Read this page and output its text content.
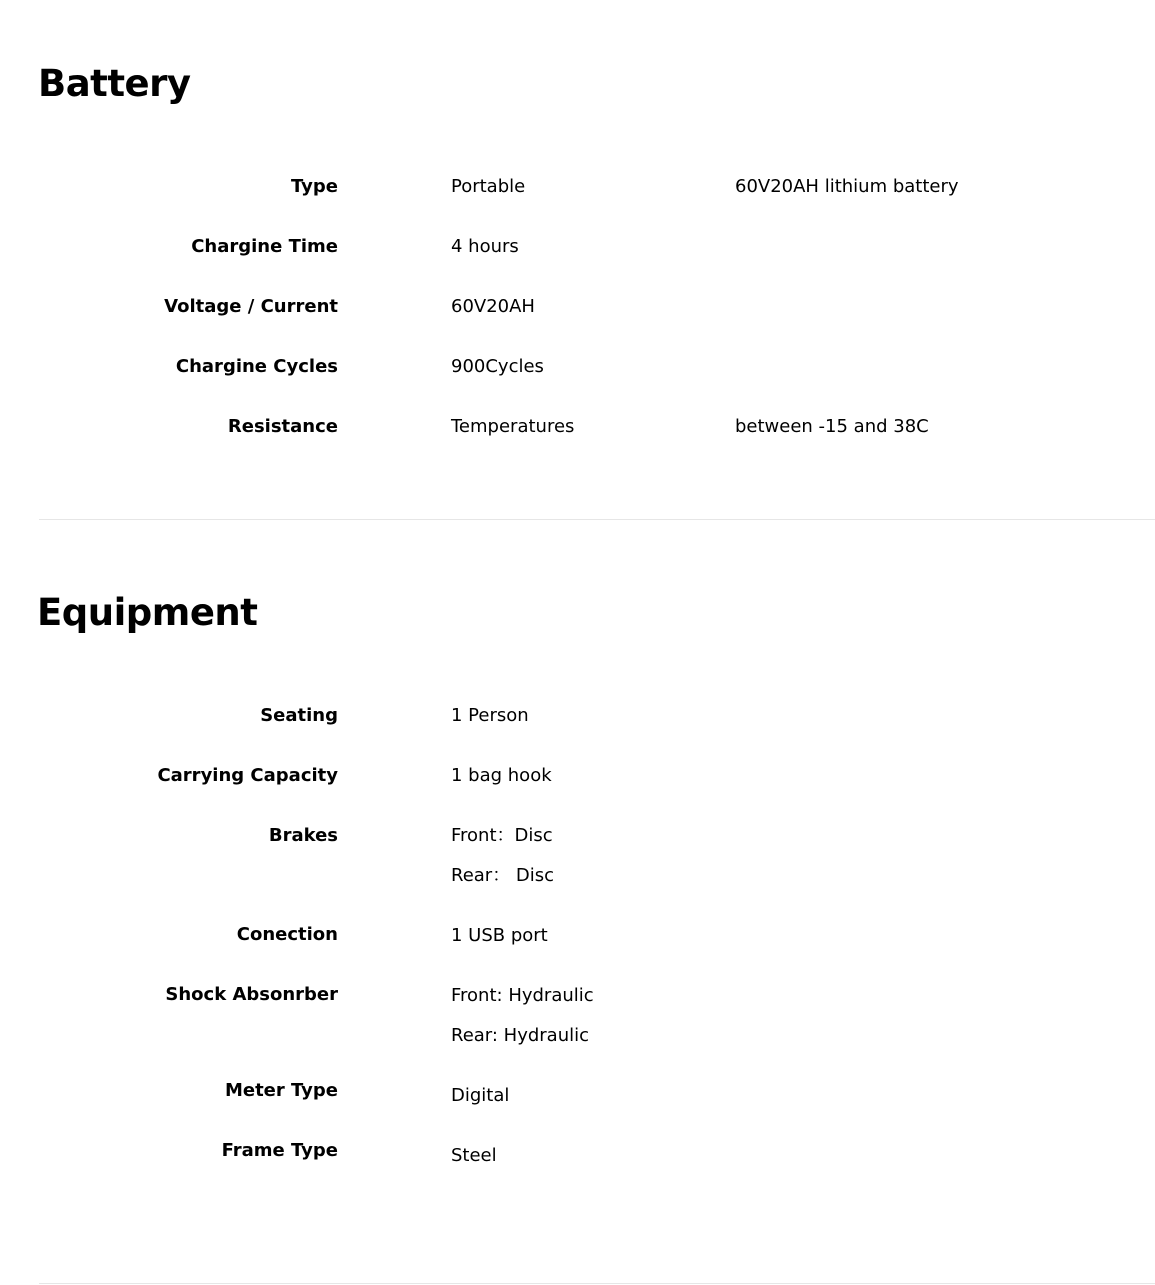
Battery
Type	Portable	60V20AH lithium battery
Chargine Time	4 hours
Voltage / Current	60V20AH
Chargine Cycles	900Cycles
Resistance	Temperatures	between -15 and 38C
Equipment
Seating	1 Person
Carrying Capacity	1 bag hook
Brakes	Front：Disc
Rear： Disc
Conection	1 USB port
Shock Absonrber	Front: Hydraulic
Rear: Hydraulic
Meter Type	Digital
Frame Type	Steel
